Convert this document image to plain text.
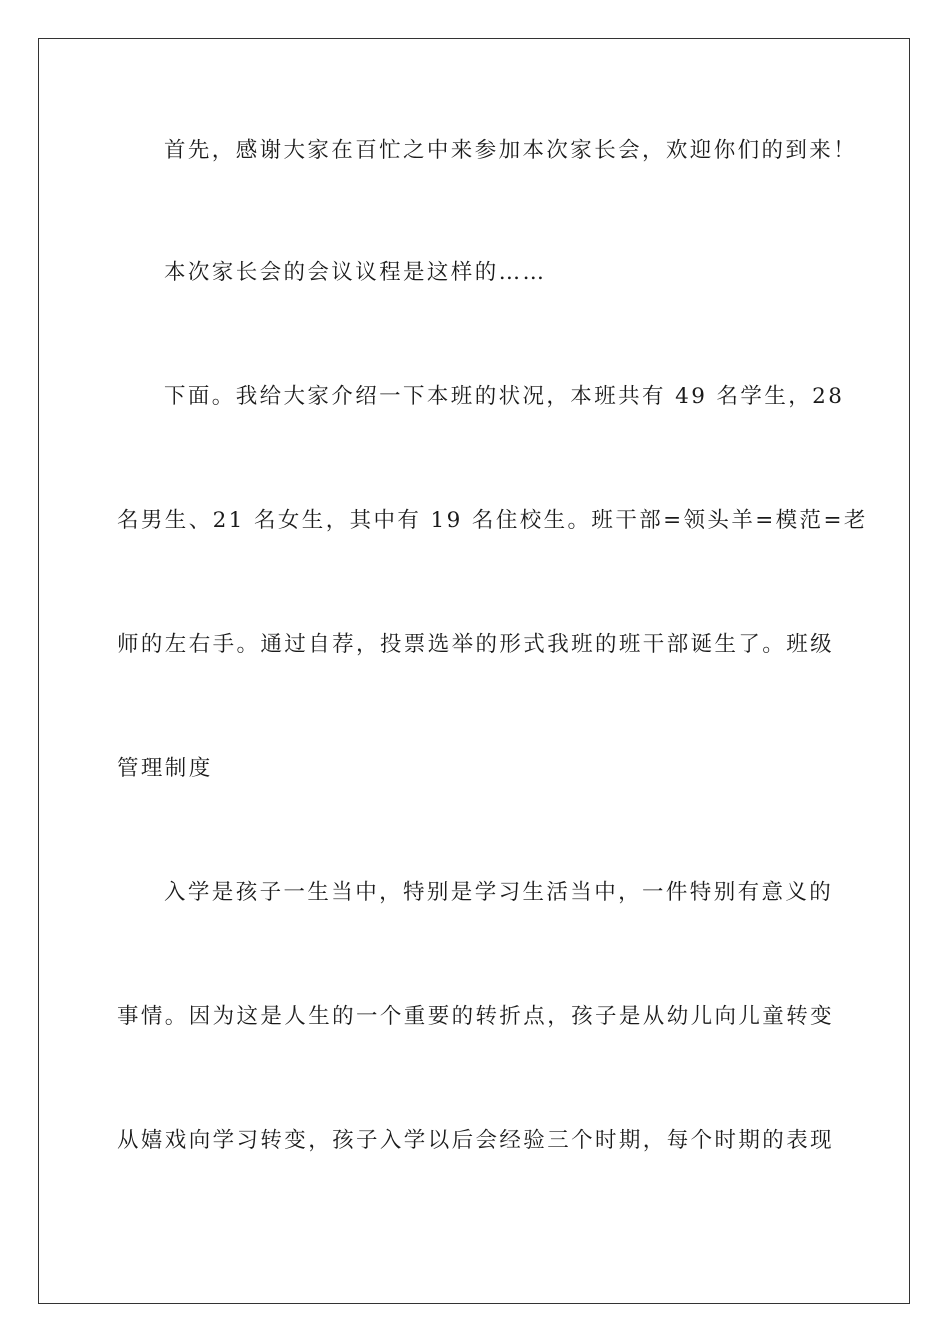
首先，感谢大家在百忙之中来参加本次家长会，欢迎你们的到来！
本次家长会的会议议程是这样的……
下面。我给大家介绍一下本班的状况，本班共有 49 名学生，28
名男生、21 名女生，其中有 19 名住校生。班干部=领头羊=模范=老
师的左右手。通过自荐，投票选举的形式我班的班干部诞生了。班级
管理制度
入学是孩子一生当中，特别是学习生活当中，一件特别有意义的
事情。因为这是人生的一个重要的转折点，孩子是从幼儿向儿童转变
从嬉戏向学习转变，孩子入学以后会经验三个时期，每个时期的表现
